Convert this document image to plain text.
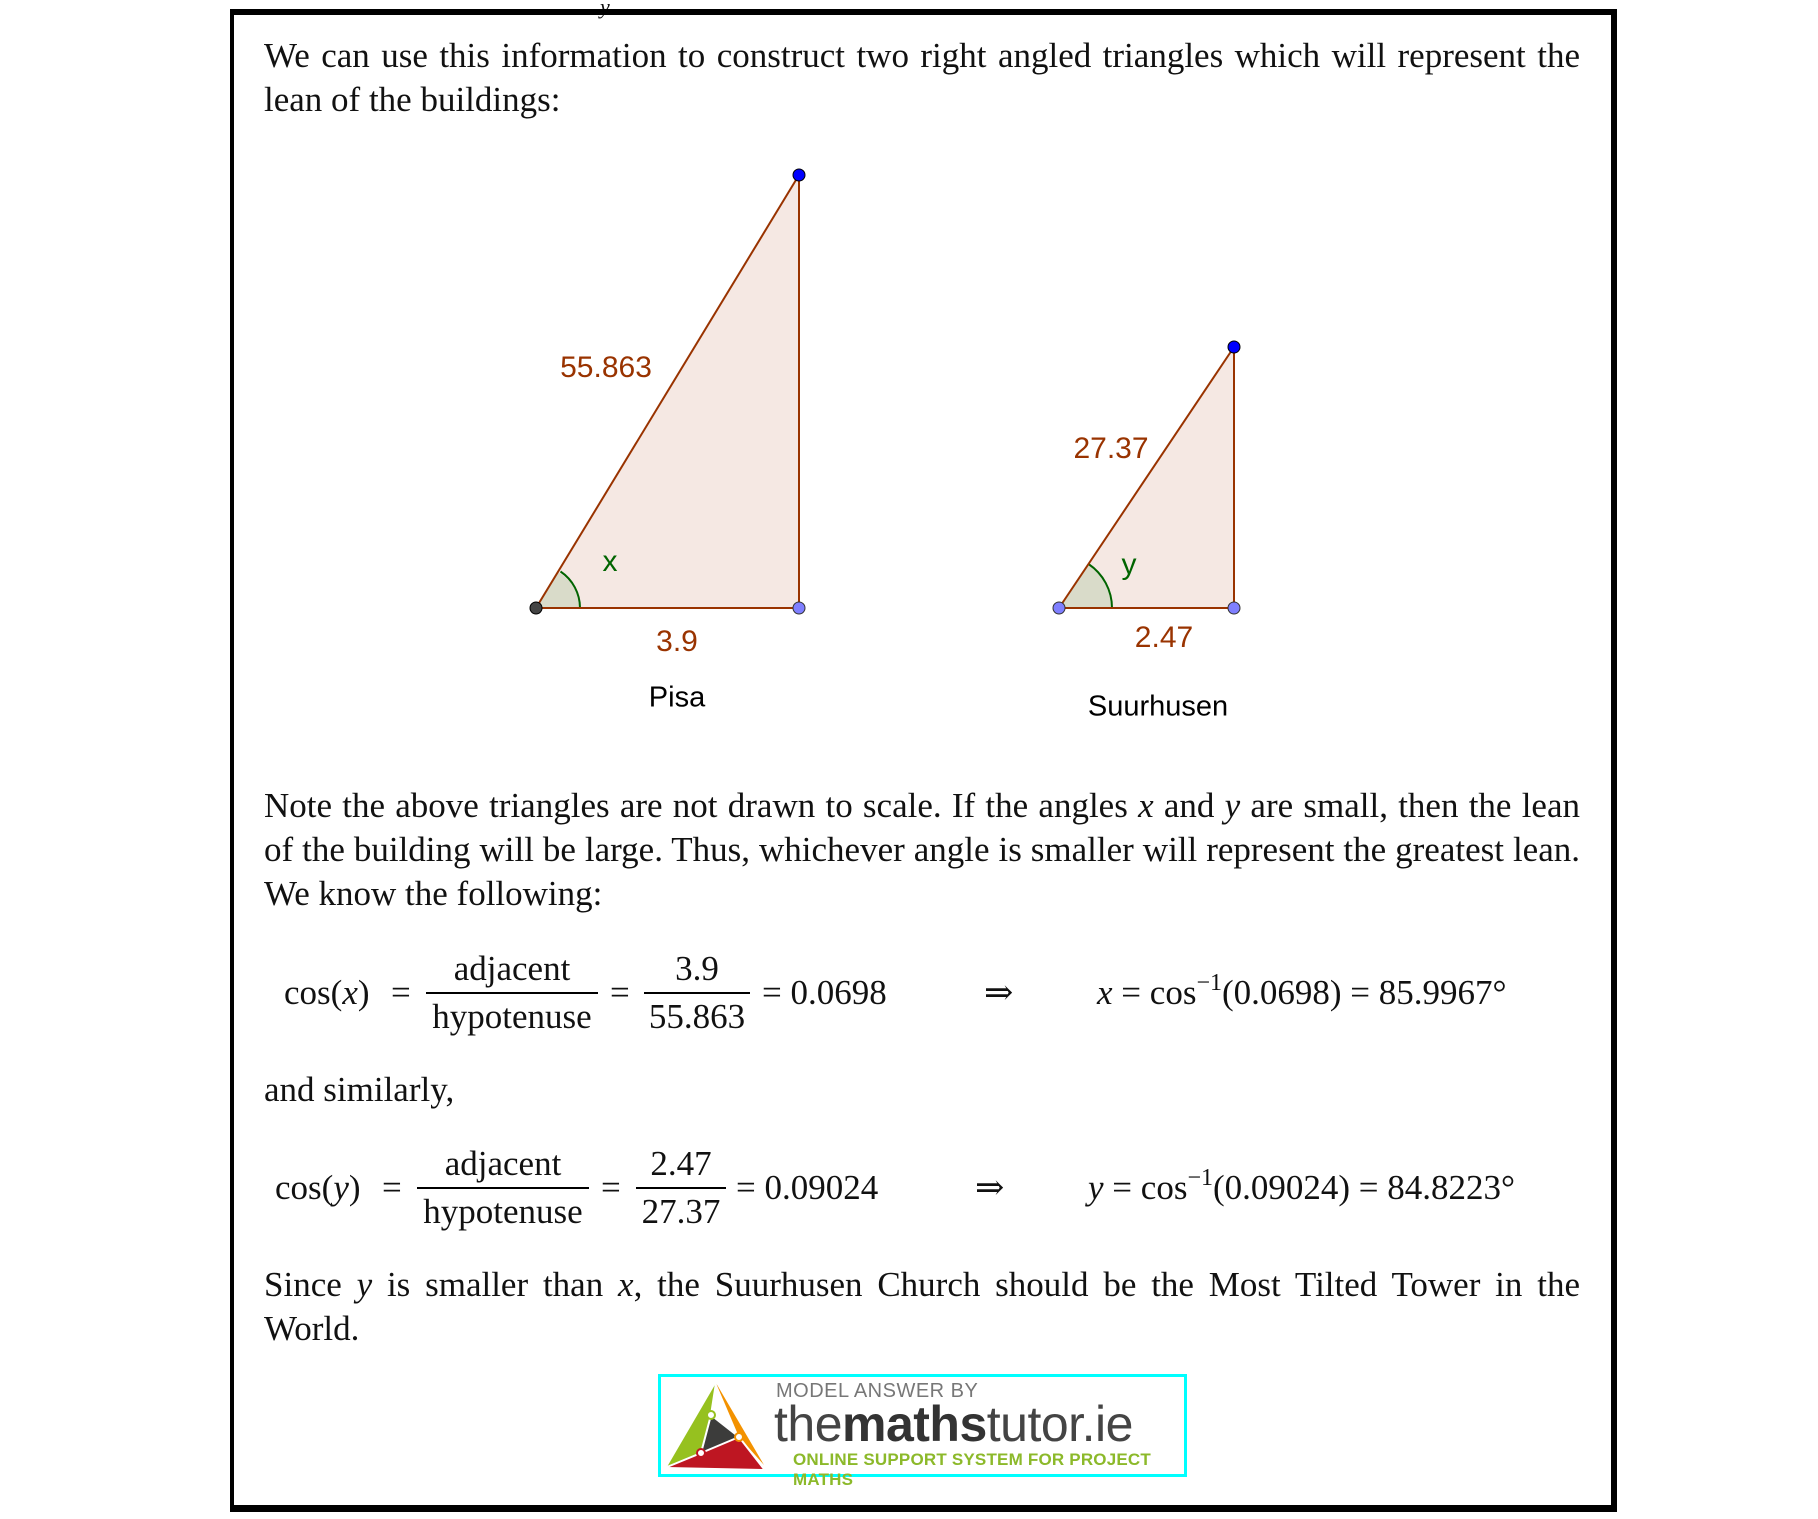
y
We can use this information to construct two right angled triangles which will represent the lean of the buildings:
55.863
x
3.9
Pisa
27.37
y
2.47
Suurhusen
Note the above triangles are not drawn to scale. If the angles x and y are small, then the lean of the building will be large. Thus, whichever angle is smaller will represent the greatest lean. We know the following:
cos(x) =
adjacent
hypotenuse
=
3.9
55.863
= 0.0698	⇒ $x = \cos^{-1}(0.0698) = 85.9967^\circ$
and similarly,
cos(y) =
adjacent
hypotenuse
=
2.47
27.37
= 0.09024	⇒ $y = \cos^{-1}(0.09024) = 84.8223^\circ$
Since y is smaller than x, the Suurhusen Church should be the Most Tilted Tower in the World.
MODEL ANSWER BY
themathstutor.ie
ONLINE SUPPORT SYSTEM FOR PROJECT MATHS
